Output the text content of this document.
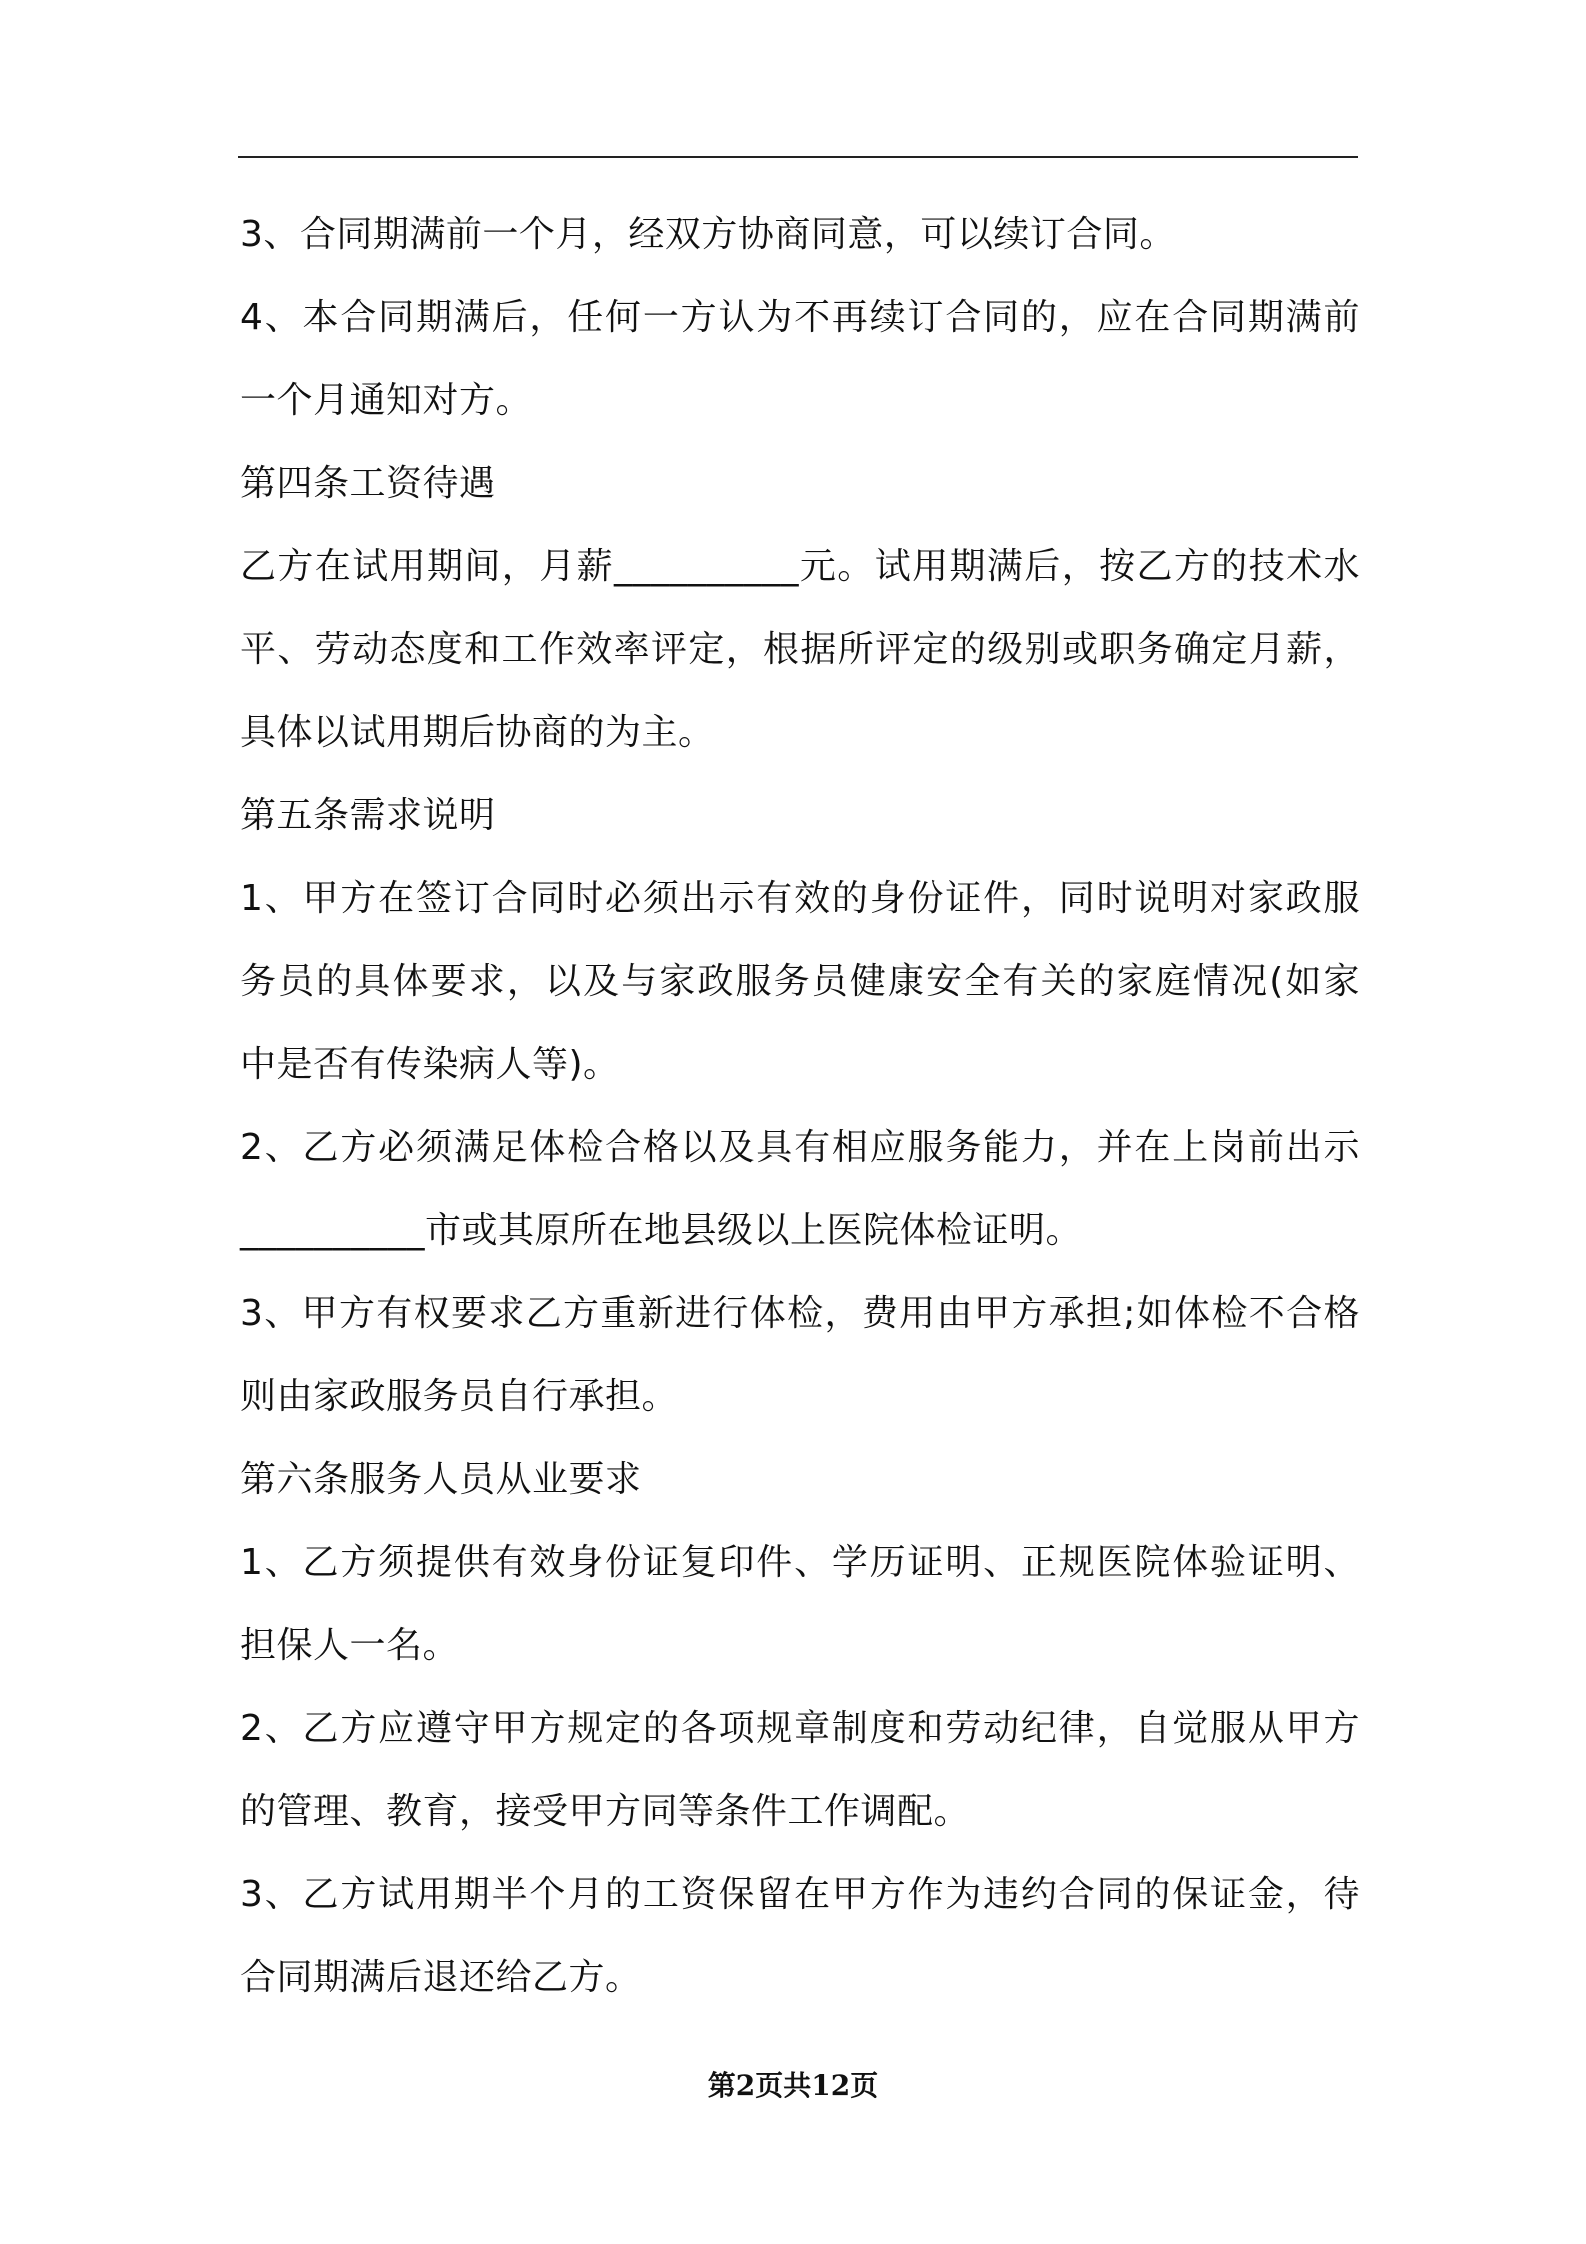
3、合同期满前一个月，经双方协商同意，可以续订合同。
4、本合同期满后，任何一方认为不再续订合同的，应在合同期满前
一个月通知对方。
第四条工资待遇
乙方在试用期间，月薪__________元。试用期满后，按乙方的技术水
平、劳动态度和工作效率评定，根据所评定的级别或职务确定月薪，
具体以试用期后协商的为主。
第五条需求说明
1、甲方在签订合同时必须出示有效的身份证件，同时说明对家政服
务员的具体要求，以及与家政服务员健康安全有关的家庭情况(如家
中是否有传染病人等)。
2、乙方必须满足体检合格以及具有相应服务能力，并在上岗前出示
__________市或其原所在地县级以上医院体检证明。
3、甲方有权要求乙方重新进行体检，费用由甲方承担;如体检不合格
则由家政服务员自行承担。
第六条服务人员从业要求
1、乙方须提供有效身份证复印件、学历证明、正规医院体验证明、
担保人一名。
2、乙方应遵守甲方规定的各项规章制度和劳动纪律，自觉服从甲方
的管理、教育，接受甲方同等条件工作调配。
3、乙方试用期半个月的工资保留在甲方作为违约合同的保证金，待
合同期满后退还给乙方。
第2页共12页
